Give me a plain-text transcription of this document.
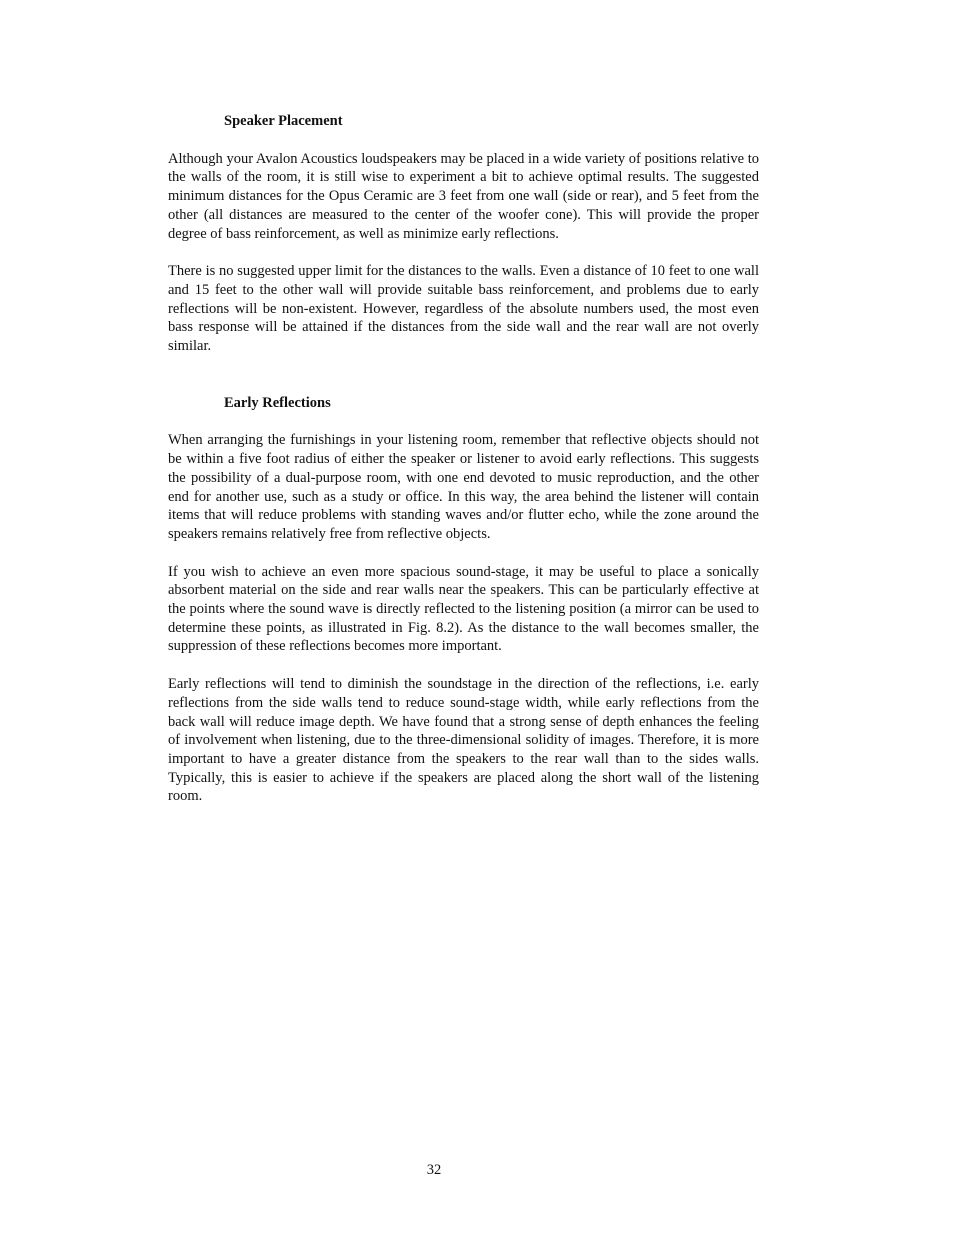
Speaker Placement

Although your Avalon Acoustics loudspeakers may be placed in a wide variety of positions relative to the walls of the room, it is still wise to experiment a bit to achieve optimal results. The suggested minimum distances for the Opus Ceramic are 3 feet from one wall (side or rear), and 5 feet from the other (all distances are measured to the center of the woofer cone). This will provide the proper degree of bass reinforcement, as well as minimize early reflections.

There is no suggested upper limit for the distances to the walls. Even a distance of 10 feet to one wall and 15 feet to the other wall will provide suitable bass reinforcement, and problems due to early reflections will be non-existent. However, regardless of the absolute numbers used, the most even bass response will be attained if the distances from the side wall and the rear wall are not overly similar.

Early Reflections

When arranging the furnishings in your listening room, remember that reflective objects should not be within a five foot radius of either the speaker or listener to avoid early reflections. This suggests the possibility of a dual-purpose room, with one end devoted to music reproduction, and the other end for another use, such as a study or office. In this way, the area behind the listener will contain items that will reduce problems with standing waves and/or flutter echo, while the zone around the speakers remains relatively free from reflective objects.

If you wish to achieve an even more spacious sound-stage, it may be useful to place a sonically absorbent material on the side and rear walls near the speakers. This can be particularly effective at the points where the sound wave is directly reflected to the listening position (a mirror can be used to determine these points, as illustrated in Fig. 8.2). As the distance to the wall becomes smaller, the suppression of these reflections becomes more important.

Early reflections will tend to diminish the soundstage in the direction of the reflections, i.e. early reflections from the side walls tend to reduce sound-stage width, while early reflections from the back wall will reduce image depth. We have found that a strong sense of depth enhances the feeling of involvement when listening, due to the three-dimensional solidity of images. Therefore, it is more important to have a greater distance from the speakers to the rear wall than to the sides walls. Typically, this is easier to achieve if the speakers are placed along the short wall of the listening room.

32
